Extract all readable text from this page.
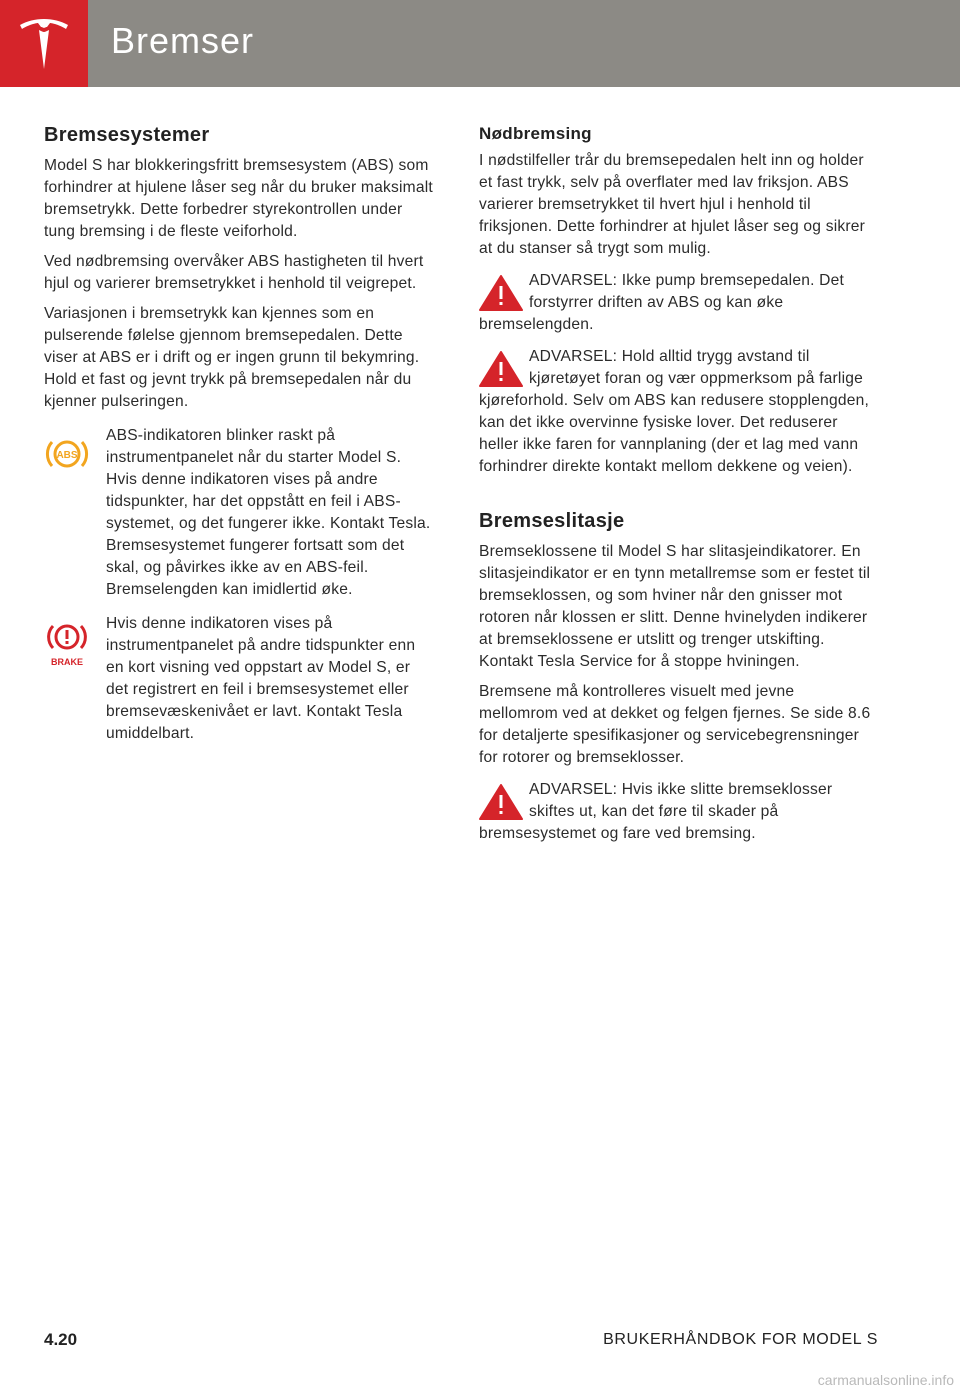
Bremser
Bremsesystemer

Model S har blokkeringsfritt bremsesystem (ABS) som forhindrer at hjulene låser seg når du bruker maksimalt bremsetrykk. Dette forbedrer styrekontrollen under tung bremsing i de fleste veiforhold.

Ved nødbremsing overvåker ABS hastigheten til hvert hjul og varierer bremsetrykket i henhold til veigrepet.

Variasjonen i bremsetrykk kan kjennes som en pulserende følelse gjennom bremsepedalen. Dette viser at ABS er i drift og er ingen grunn til bekymring. Hold et fast og jevnt trykk på bremsepedalen når du kjenner pulseringen.

ABS

ABS-indikatoren blinker raskt på instrumentpanelet når du starter Model S. Hvis denne indikatoren vises på andre tidspunkter, har det oppstått en feil i ABS-systemet, og det fungerer ikke. Kontakt Tesla. Bremsesystemet fungerer fortsatt som det skal, og påvirkes ikke av en ABS-feil. Bremselengden kan imidlertid øke.

BRAKE

Hvis denne indikatoren vises på instrumentpanelet på andre tidspunkter enn en kort visning ved oppstart av Model S, er det registrert en feil i bremsesystemet eller bremsevæskenivået er lavt. Kontakt Tesla umiddelbart.

Nødbremsing

I nødstilfeller trår du bremsepedalen helt inn og holder et fast trykk, selv på overflater med lav friksjon. ABS varierer bremsetrykket til hvert hjul i henhold til friksjonen. Dette forhindrer at hjulet låser seg og sikrer at du stanser så trygt som mulig.

ADVARSEL: Ikke pump bremsepedalen. Det forstyrrer driften av ABS og kan øke bremselengden.

ADVARSEL: Hold alltid trygg avstand til kjøretøyet foran og vær oppmerksom på farlige kjøreforhold. Selv om ABS kan redusere stopplengden, kan det ikke overvinne fysiske lover. Det reduserer heller ikke faren for vannplaning (der et lag med vann forhindrer direkte kontakt mellom dekkene og veien).

Bremseslitasje

Bremseklossene til Model S har slitasjeindikatorer. En slitasjeindikator er en tynn metallremse som er festet til bremseklossen, og som hviner når den gnisser mot rotoren når klossen er slitt. Denne hvinelyden indikerer at bremseklossene er utslitt og trenger utskifting. Kontakt Tesla Service for å stoppe hviningen.

Bremsene må kontrolleres visuelt med jevne mellomrom ved at dekket og felgen fjernes. Se side 8.6 for detaljerte spesifikasjoner og servicebegrensninger for rotorer og bremseklosser.

ADVARSEL: Hvis ikke slitte bremseklosser skiftes ut, kan det føre til skader på bremsesystemet og fare ved bremsing.

4.20	BRUKERHÅNDBOK FOR MODEL S
carmanualsonline.info
